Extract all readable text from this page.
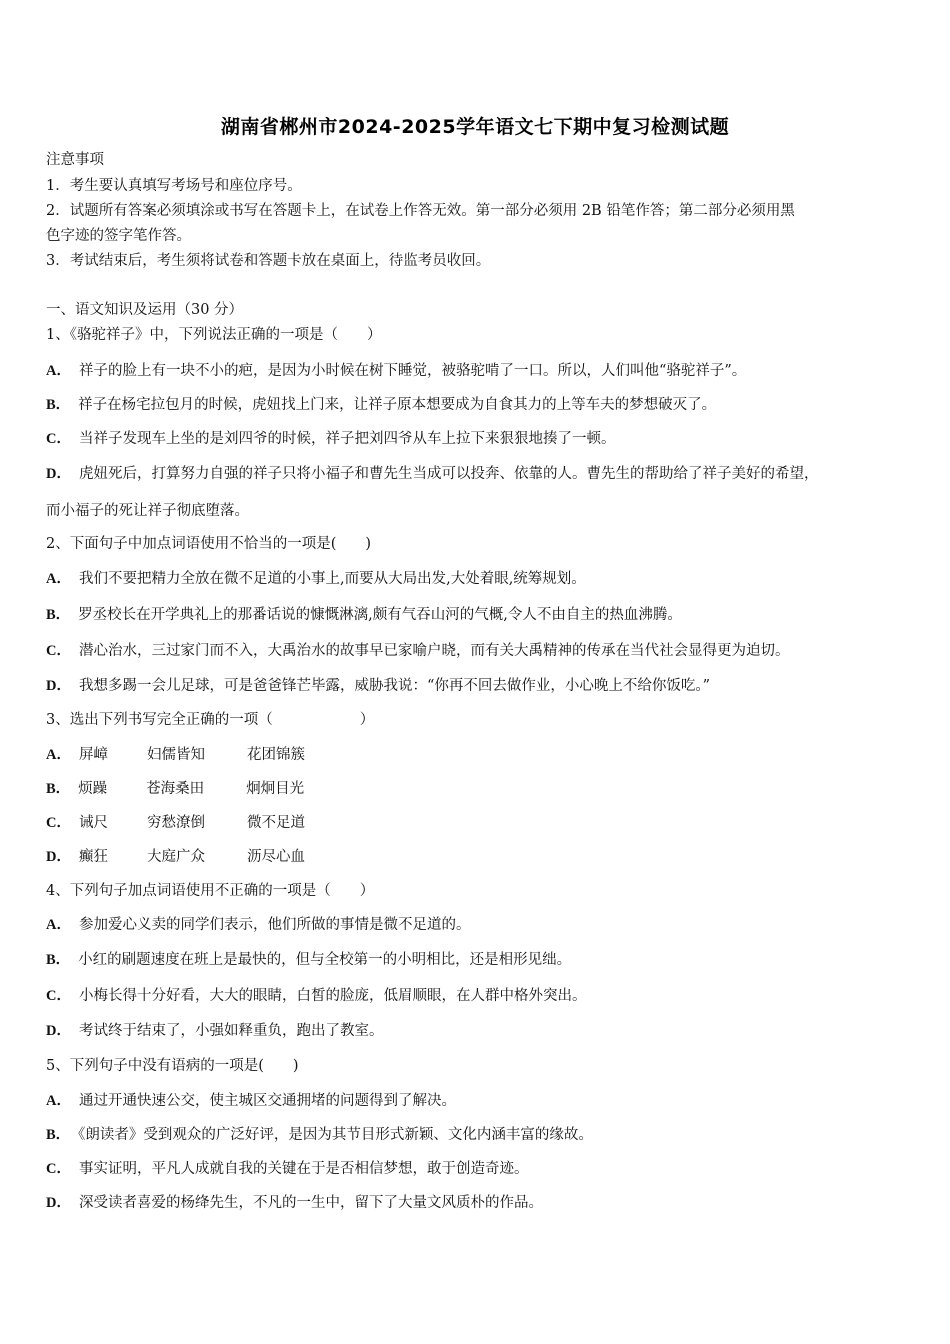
湖南省郴州市2024-2025学年语文七下期中复习检测试题
注意事项
1．考生要认真填写考场号和座位序号。
2．试题所有答案必须填涂或书写在答题卡上，在试卷上作答无效。第一部分必须用 2B 铅笔作答；第二部分必须用黑
色字迹的签字笔作答。
3．考试结束后，考生须将试卷和答题卡放在桌面上，待监考员收回。
一、语文知识及运用（30 分）
1、《骆驼祥子》中，下列说法正确的一项是（　　）
A． 祥子的脸上有一块不小的疤，是因为小时候在树下睡觉，被骆驼啃了一口。所以，人们叫他“骆驼祥子”。
B． 祥子在杨宅拉包月的时候，虎妞找上门来，让祥子原本想要成为自食其力的上等车夫的梦想破灭了。
C． 当祥子发现车上坐的是刘四爷的时候，祥子把刘四爷从车上拉下来狠狠地揍了一顿。
D． 虎妞死后，打算努力自强的祥子只将小福子和曹先生当成可以投奔、依靠的人。曹先生的帮助给了祥子美好的希望，
而小福子的死让祥子彻底堕落。
2、下面句子中加点词语使用不恰当的一项是(　　)
A． 我们不要把精力全放在微不足道的小事上,而要从大局出发,大处着眼,统筹规划。
B． 罗丞校长在开学典礼上的那番话说的慷慨淋漓,颇有气吞山河的气概,令人不由自主的热血沸腾。
C． 潜心治水，三过家门而不入，大禹治水的故事早已家喻户晓，而有关大禹精神的传承在当代社会显得更为迫切。
D． 我想多踢一会儿足球，可是爸爸锋芒毕露，威胁我说：“你再不回去做作业，小心晚上不给你饭吃。”
3、选出下列书写完全正确的一项（　　　　　　）
A． 屏嶂	妇儒皆知	花团锦簇
B． 烦躁	苍海桑田	炯炯目光
C． 诫尺	穷愁潦倒	微不足道
D． 癫狂	大庭广众	沥尽心血
4、下列句子加点词语使用不正确的一项是（　　）
A． 参加爱心义卖的同学们表示，他们所做的事情是微不足道的。
B． 小红的刷题速度在班上是最快的，但与全校第一的小明相比，还是相形见绌。
C． 小梅长得十分好看，大大的眼睛，白皙的脸庞，低眉顺眼，在人群中格外突出。
D． 考试终于结束了，小强如释重负，跑出了教室。
5、下列句子中没有语病的一项是(　　)
A． 通过开通快速公交，使主城区交通拥堵的问题得到了解决。
B． 《朗读者》受到观众的广泛好评，是因为其节目形式新颖、文化内涵丰富的缘故。
C． 事实证明，平凡人成就自我的关键在于是否相信梦想，敢于创造奇迹。
D． 深受读者喜爱的杨绛先生，不凡的一生中，留下了大量文风质朴的作品。
